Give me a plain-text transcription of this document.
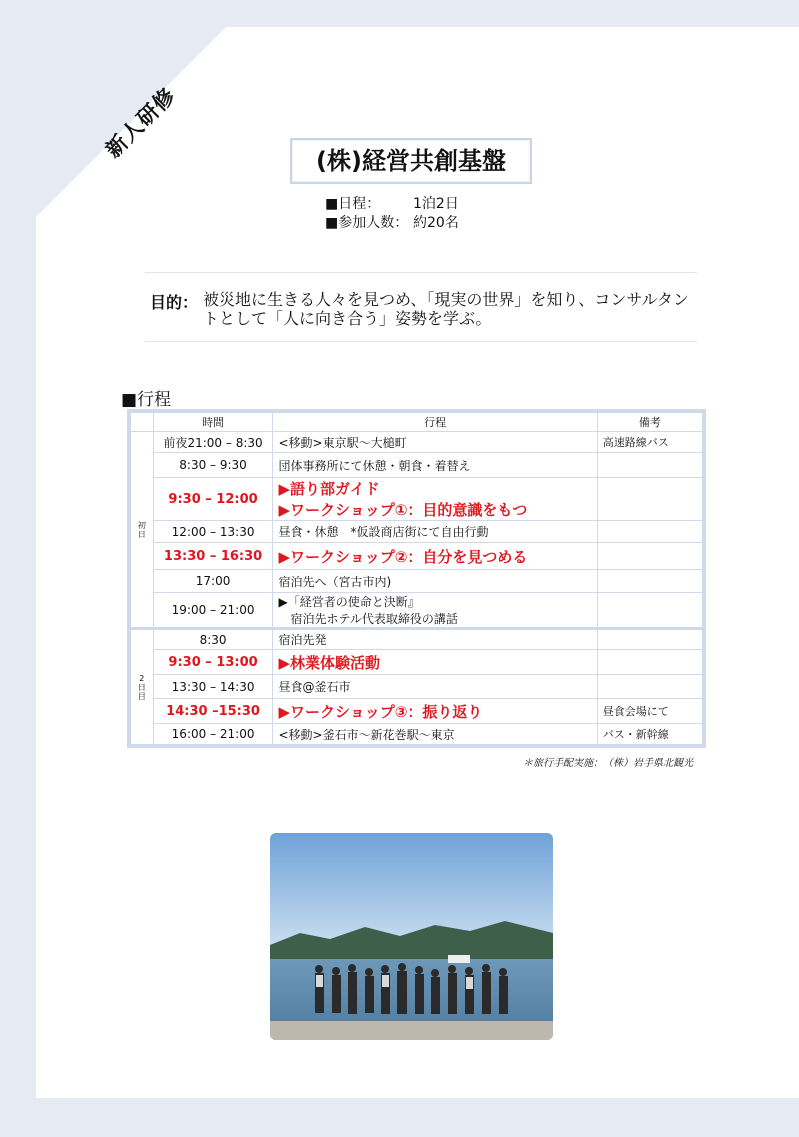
新人研修	(株)経営共創基盤
■日程：	1泊2日
■参加人数： 約20名
目的： 被災地に生きる人々を見つめ、「現実の世界」を知り、コンサルタントとして「人に向き合う」姿勢を学ぶ。
■行程
	時間	行程	備考
初
日	前夜21:00 – 8:30	<移動>東京駅〜大槌町	高速路線バス
	8:30 – 9:30	団体事務所にて休憩・朝食・着替え	
	9:30 – 12:00	▶語り部ガイド
▶ワークショップ①：目的意識をもつ	

	12:00 – 13:30	昼食・休憩　*仮設商店街にて自由行動	
	13:30 – 16:30	▶ワークショップ②：自分を見つめる	
	17:00	宿泊先へ（宮古市内)	
	19:00 – 21:00	▶「経営者の使命と決断』
　宿泊先ホテル代表取締役の講話	

2
日
目	8:30	宿泊先発	
	9:30 – 13:00	▶林業体験活動	
	13:30 – 14:30	昼食@釜石市	
	14:30 –15:30	▶ワークショップ③：振り返り	昼食会場にて
	16:00 – 21:00	<移動>釜石市〜新花巻駅〜東京	バス・新幹線
＊旅行手配実施：（株）岩手県北観光
